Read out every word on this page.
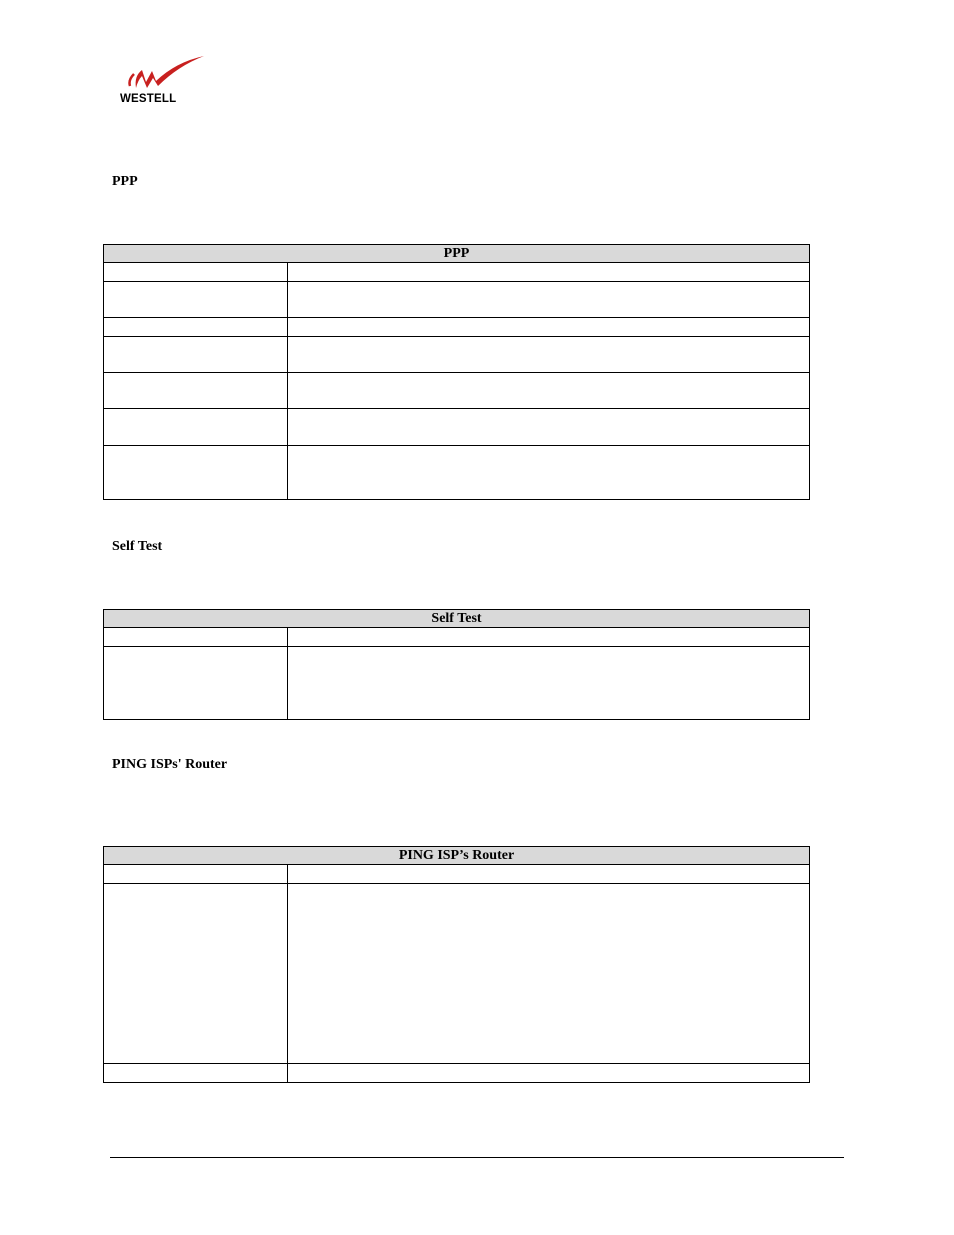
WESTELL
PPP
PPP	

Self Test
Self Test	

PING ISPs' Router
PING ISP’s Router	
